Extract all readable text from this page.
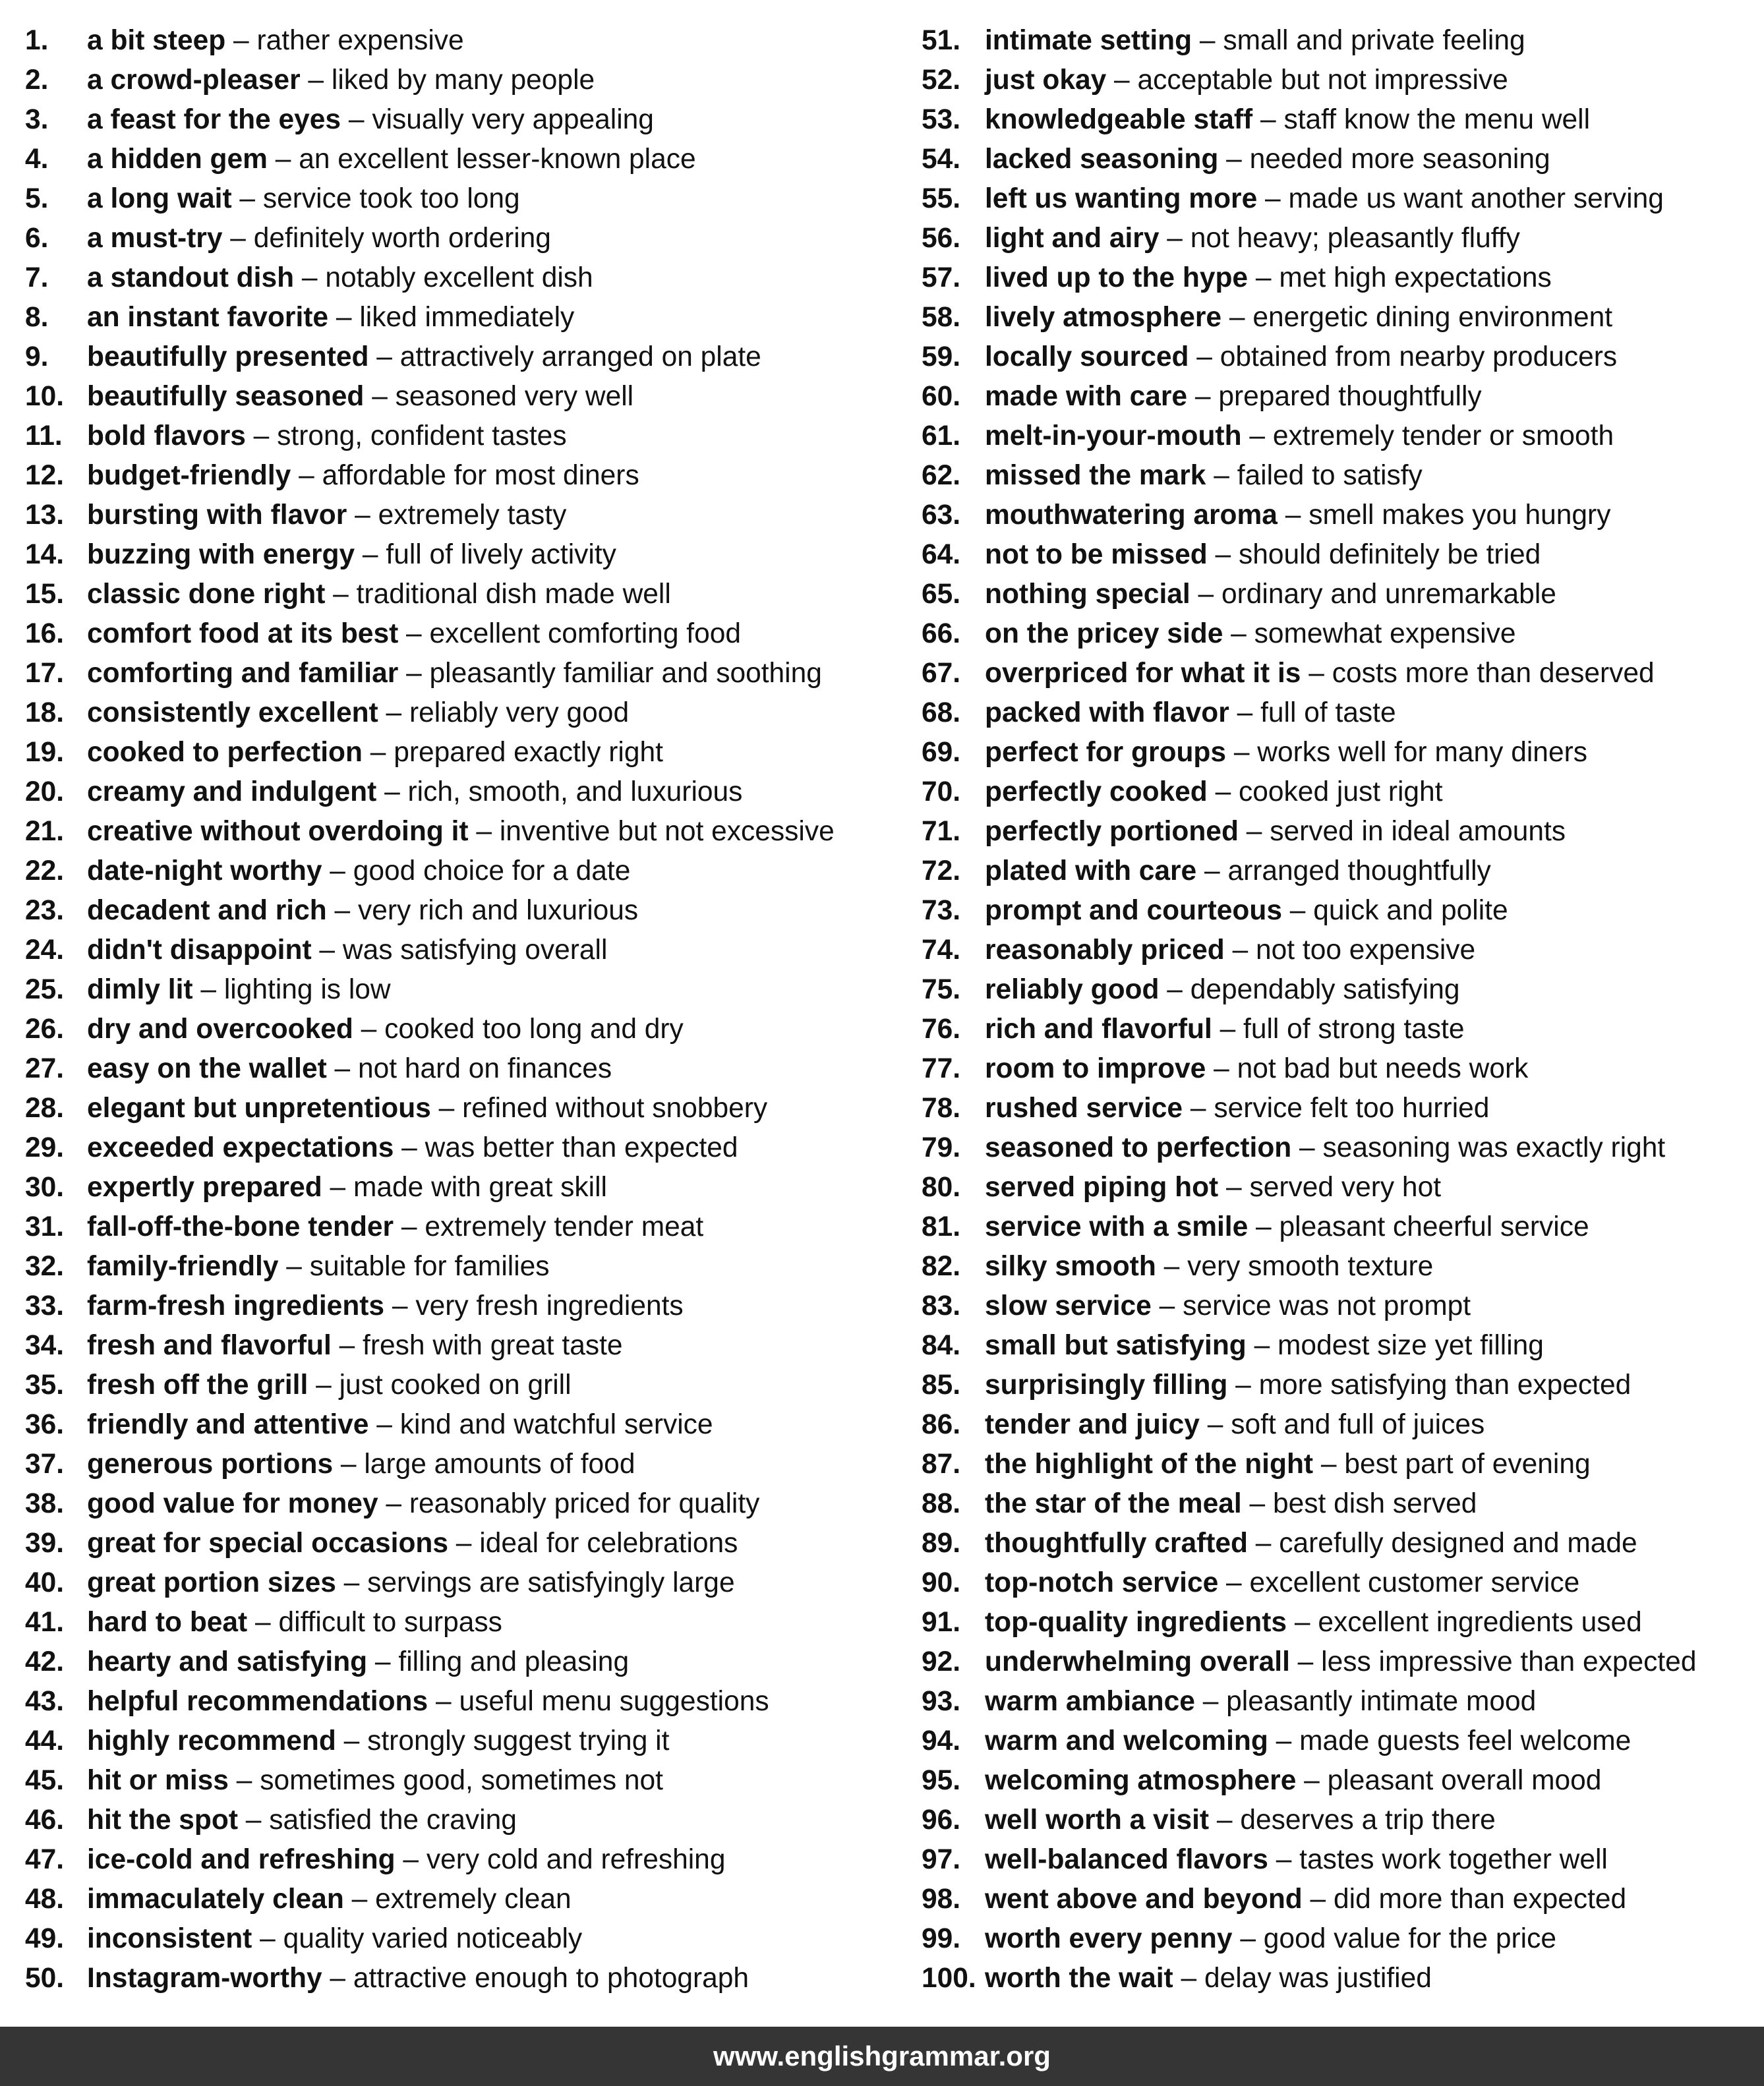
1. a bit steep – rather expensive
2. a crowd-pleaser – liked by many people
3. a feast for the eyes – visually very appealing
4. a hidden gem – an excellent lesser-known place
5. a long wait – service took too long
6. a must-try – definitely worth ordering
7. a standout dish – notably excellent dish
8. an instant favorite – liked immediately
9. beautifully presented – attractively arranged on plate
10. beautifully seasoned – seasoned very well
11. bold flavors – strong, confident tastes
12. budget-friendly – affordable for most diners
13. bursting with flavor – extremely tasty
14. buzzing with energy – full of lively activity
15. classic done right – traditional dish made well
16. comfort food at its best – excellent comforting food
17. comforting and familiar – pleasantly familiar and soothing
18. consistently excellent – reliably very good
19. cooked to perfection – prepared exactly right
20. creamy and indulgent – rich, smooth, and luxurious
21. creative without overdoing it – inventive but not excessive
22. date-night worthy – good choice for a date
23. decadent and rich – very rich and luxurious
24. didn't disappoint – was satisfying overall
25. dimly lit – lighting is low
26. dry and overcooked – cooked too long and dry
27. easy on the wallet – not hard on finances
28. elegant but unpretentious – refined without snobbery
29. exceeded expectations – was better than expected
30. expertly prepared – made with great skill
31. fall-off-the-bone tender – extremely tender meat
32. family-friendly – suitable for families
33. farm-fresh ingredients – very fresh ingredients
34. fresh and flavorful – fresh with great taste
35. fresh off the grill – just cooked on grill
36. friendly and attentive – kind and watchful service
37. generous portions – large amounts of food
38. good value for money – reasonably priced for quality
39. great for special occasions – ideal for celebrations
40. great portion sizes – servings are satisfyingly large
41. hard to beat – difficult to surpass
42. hearty and satisfying – filling and pleasing
43. helpful recommendations – useful menu suggestions
44. highly recommend – strongly suggest trying it
45. hit or miss – sometimes good, sometimes not
46. hit the spot – satisfied the craving
47. ice-cold and refreshing – very cold and refreshing
48. immaculately clean – extremely clean
49. inconsistent – quality varied noticeably
50. Instagram-worthy – attractive enough to photograph
51. intimate setting – small and private feeling
52. just okay – acceptable but not impressive
53. knowledgeable staff – staff know the menu well
54. lacked seasoning – needed more seasoning
55. left us wanting more – made us want another serving
56. light and airy – not heavy; pleasantly fluffy
57. lived up to the hype – met high expectations
58. lively atmosphere – energetic dining environment
59. locally sourced – obtained from nearby producers
60. made with care – prepared thoughtfully
61. melt-in-your-mouth – extremely tender or smooth
62. missed the mark – failed to satisfy
63. mouthwatering aroma – smell makes you hungry
64. not to be missed – should definitely be tried
65. nothing special – ordinary and unremarkable
66. on the pricey side – somewhat expensive
67. overpriced for what it is – costs more than deserved
68. packed with flavor – full of taste
69. perfect for groups – works well for many diners
70. perfectly cooked – cooked just right
71. perfectly portioned – served in ideal amounts
72. plated with care – arranged thoughtfully
73. prompt and courteous – quick and polite
74. reasonably priced – not too expensive
75. reliably good – dependably satisfying
76. rich and flavorful – full of strong taste
77. room to improve – not bad but needs work
78. rushed service – service felt too hurried
79. seasoned to perfection – seasoning was exactly right
80. served piping hot – served very hot
81. service with a smile – pleasant cheerful service
82. silky smooth – very smooth texture
83. slow service – service was not prompt
84. small but satisfying – modest size yet filling
85. surprisingly filling – more satisfying than expected
86. tender and juicy – soft and full of juices
87. the highlight of the night – best part of evening
88. the star of the meal – best dish served
89. thoughtfully crafted – carefully designed and made
90. top-notch service – excellent customer service
91. top-quality ingredients – excellent ingredients used
92. underwhelming overall – less impressive than expected
93. warm ambiance – pleasantly intimate mood
94. warm and welcoming – made guests feel welcome
95. welcoming atmosphere – pleasant overall mood
96. well worth a visit – deserves a trip there
97. well-balanced flavors – tastes work together well
98. went above and beyond – did more than expected
99. worth every penny – good value for the price
100. worth the wait – delay was justified
www.englishgrammar.org
